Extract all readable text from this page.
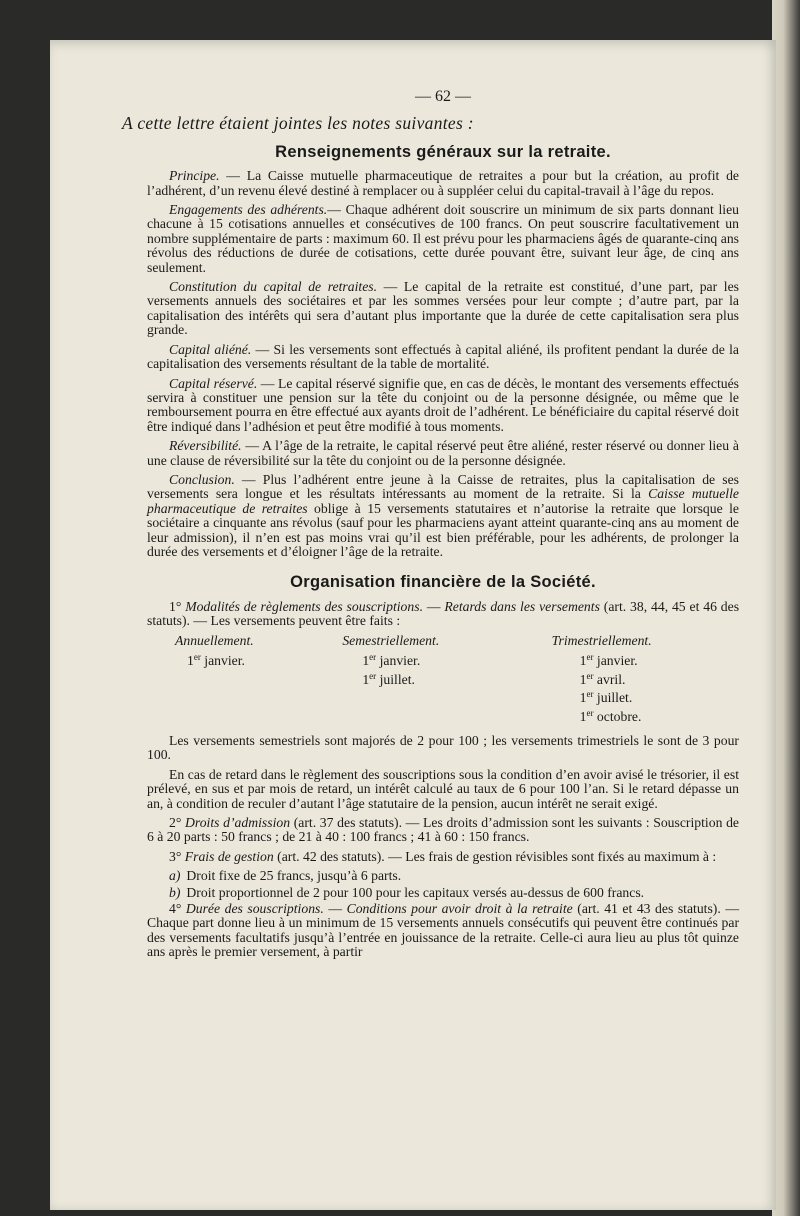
— 62 —
A cette lettre étaient jointes les notes suivantes :
Renseignements généraux sur la retraite.

Principe. — La Caisse mutuelle pharmaceutique de retraites a pour but la création, au profit de l’adhérent, d’un revenu élevé destiné à remplacer ou à suppléer celui du capital-travail à l’âge du repos.

Engagements des adhérents.— Chaque adhérent doit souscrire un minimum de six parts donnant lieu chacune à 15 cotisations annuelles et consécutives de 100 francs. On peut souscrire facultativement un nombre supplémentaire de parts : maximum 60. Il est prévu pour les pharmaciens âgés de quarante-cinq ans révolus des réductions de durée de cotisations, cette durée pouvant être, suivant leur âge, de cinq ans seulement.

Constitution du capital de retraites. — Le capital de la retraite est constitué, d’une part, par les versements annuels des sociétaires et par les sommes versées pour leur compte ; d’autre part, par la capitalisation des intérêts qui sera d’autant plus importante que la durée de cette capitalisation sera plus grande.

Capital aliéné. — Si les versements sont effectués à capital aliéné, ils profitent pendant la durée de la capitalisation des versements résultant de la table de mortalité.

Capital réservé. — Le capital réservé signifie que, en cas de décès, le montant des versements effectués servira à constituer une pension sur la tête du conjoint ou de la personne désignée, ou même que le remboursement pourra en être effectué aux ayants droit de l’adhérent. Le bénéficiaire du capital réservé doit être indiqué dans l’adhésion et peut être modifié à tous moments.

Réversibilité. — A l’âge de la retraite, le capital réservé peut être aliéné, rester réservé ou donner lieu à une clause de réversibilité sur la tête du conjoint ou de la personne désignée.

Conclusion. — Plus l’adhérent entre jeune à la Caisse de retraites, plus la capitalisation de ses versements sera longue et les résultats intéressants au moment de la retraite. Si la Caisse mutuelle pharmaceutique de retraites oblige à 15 versements statutaires et n’autorise la retraite que lorsque le sociétaire a cinquante ans révolus (sauf pour les pharmaciens ayant atteint quarante-cinq ans au moment de leur admission), il n’en est pas moins vrai qu’il est bien préférable, pour les adhérents, de prolonger la durée des versements et d’éloigner l’âge de la retraite.

Organisation financière de la Société.

1° Modalités de règlements des souscriptions. — Retards dans les versements (art. 38, 44, 45 et 46 des statuts). — Les versements peuvent être faits :

Annuellement.
1er janvier.
Semestriellement.
1er janvier.
1er juillet.
Trimestriellement.
1er janvier.
1er avril.
1er juillet.
1er octobre.

Les versements semestriels sont majorés de 2 pour 100 ; les versements trimestriels le sont de 3 pour 100.

En cas de retard dans le règlement des souscriptions sous la condition d’en avoir avisé le trésorier, il est prélevé, en sus et par mois de retard, un intérêt calculé au taux de 6 pour 100 l’an. Si le retard dépasse un an, à condition de reculer d’autant l’âge statutaire de la pension, aucun intérêt ne serait exigé.

2° Droits d’admission (art. 37 des statuts). — Les droits d’admission sont les suivants : Souscription de 6 à 20 parts : 50 francs ; de 21 à 40 : 100 francs ; 41 à 60 : 150 francs.

3° Frais de gestion (art. 42 des statuts). — Les frais de gestion révisibles sont fixés au maximum à :

a) Droit fixe de 25 francs, jusqu’à 6 parts.
b) Droit proportionnel de 2 pour 100 pour les capitaux versés au-dessus de 600 francs.

4° Durée des souscriptions. — Conditions pour avoir droit à la retraite (art. 41 et 43 des statuts). — Chaque part donne lieu à un minimum de 15 versements annuels consécutifs qui peuvent être continués par des versements facultatifs jusqu’à l’entrée en jouissance de la retraite. Celle-ci aura lieu au plus tôt quinze ans après le premier versement, à partir
